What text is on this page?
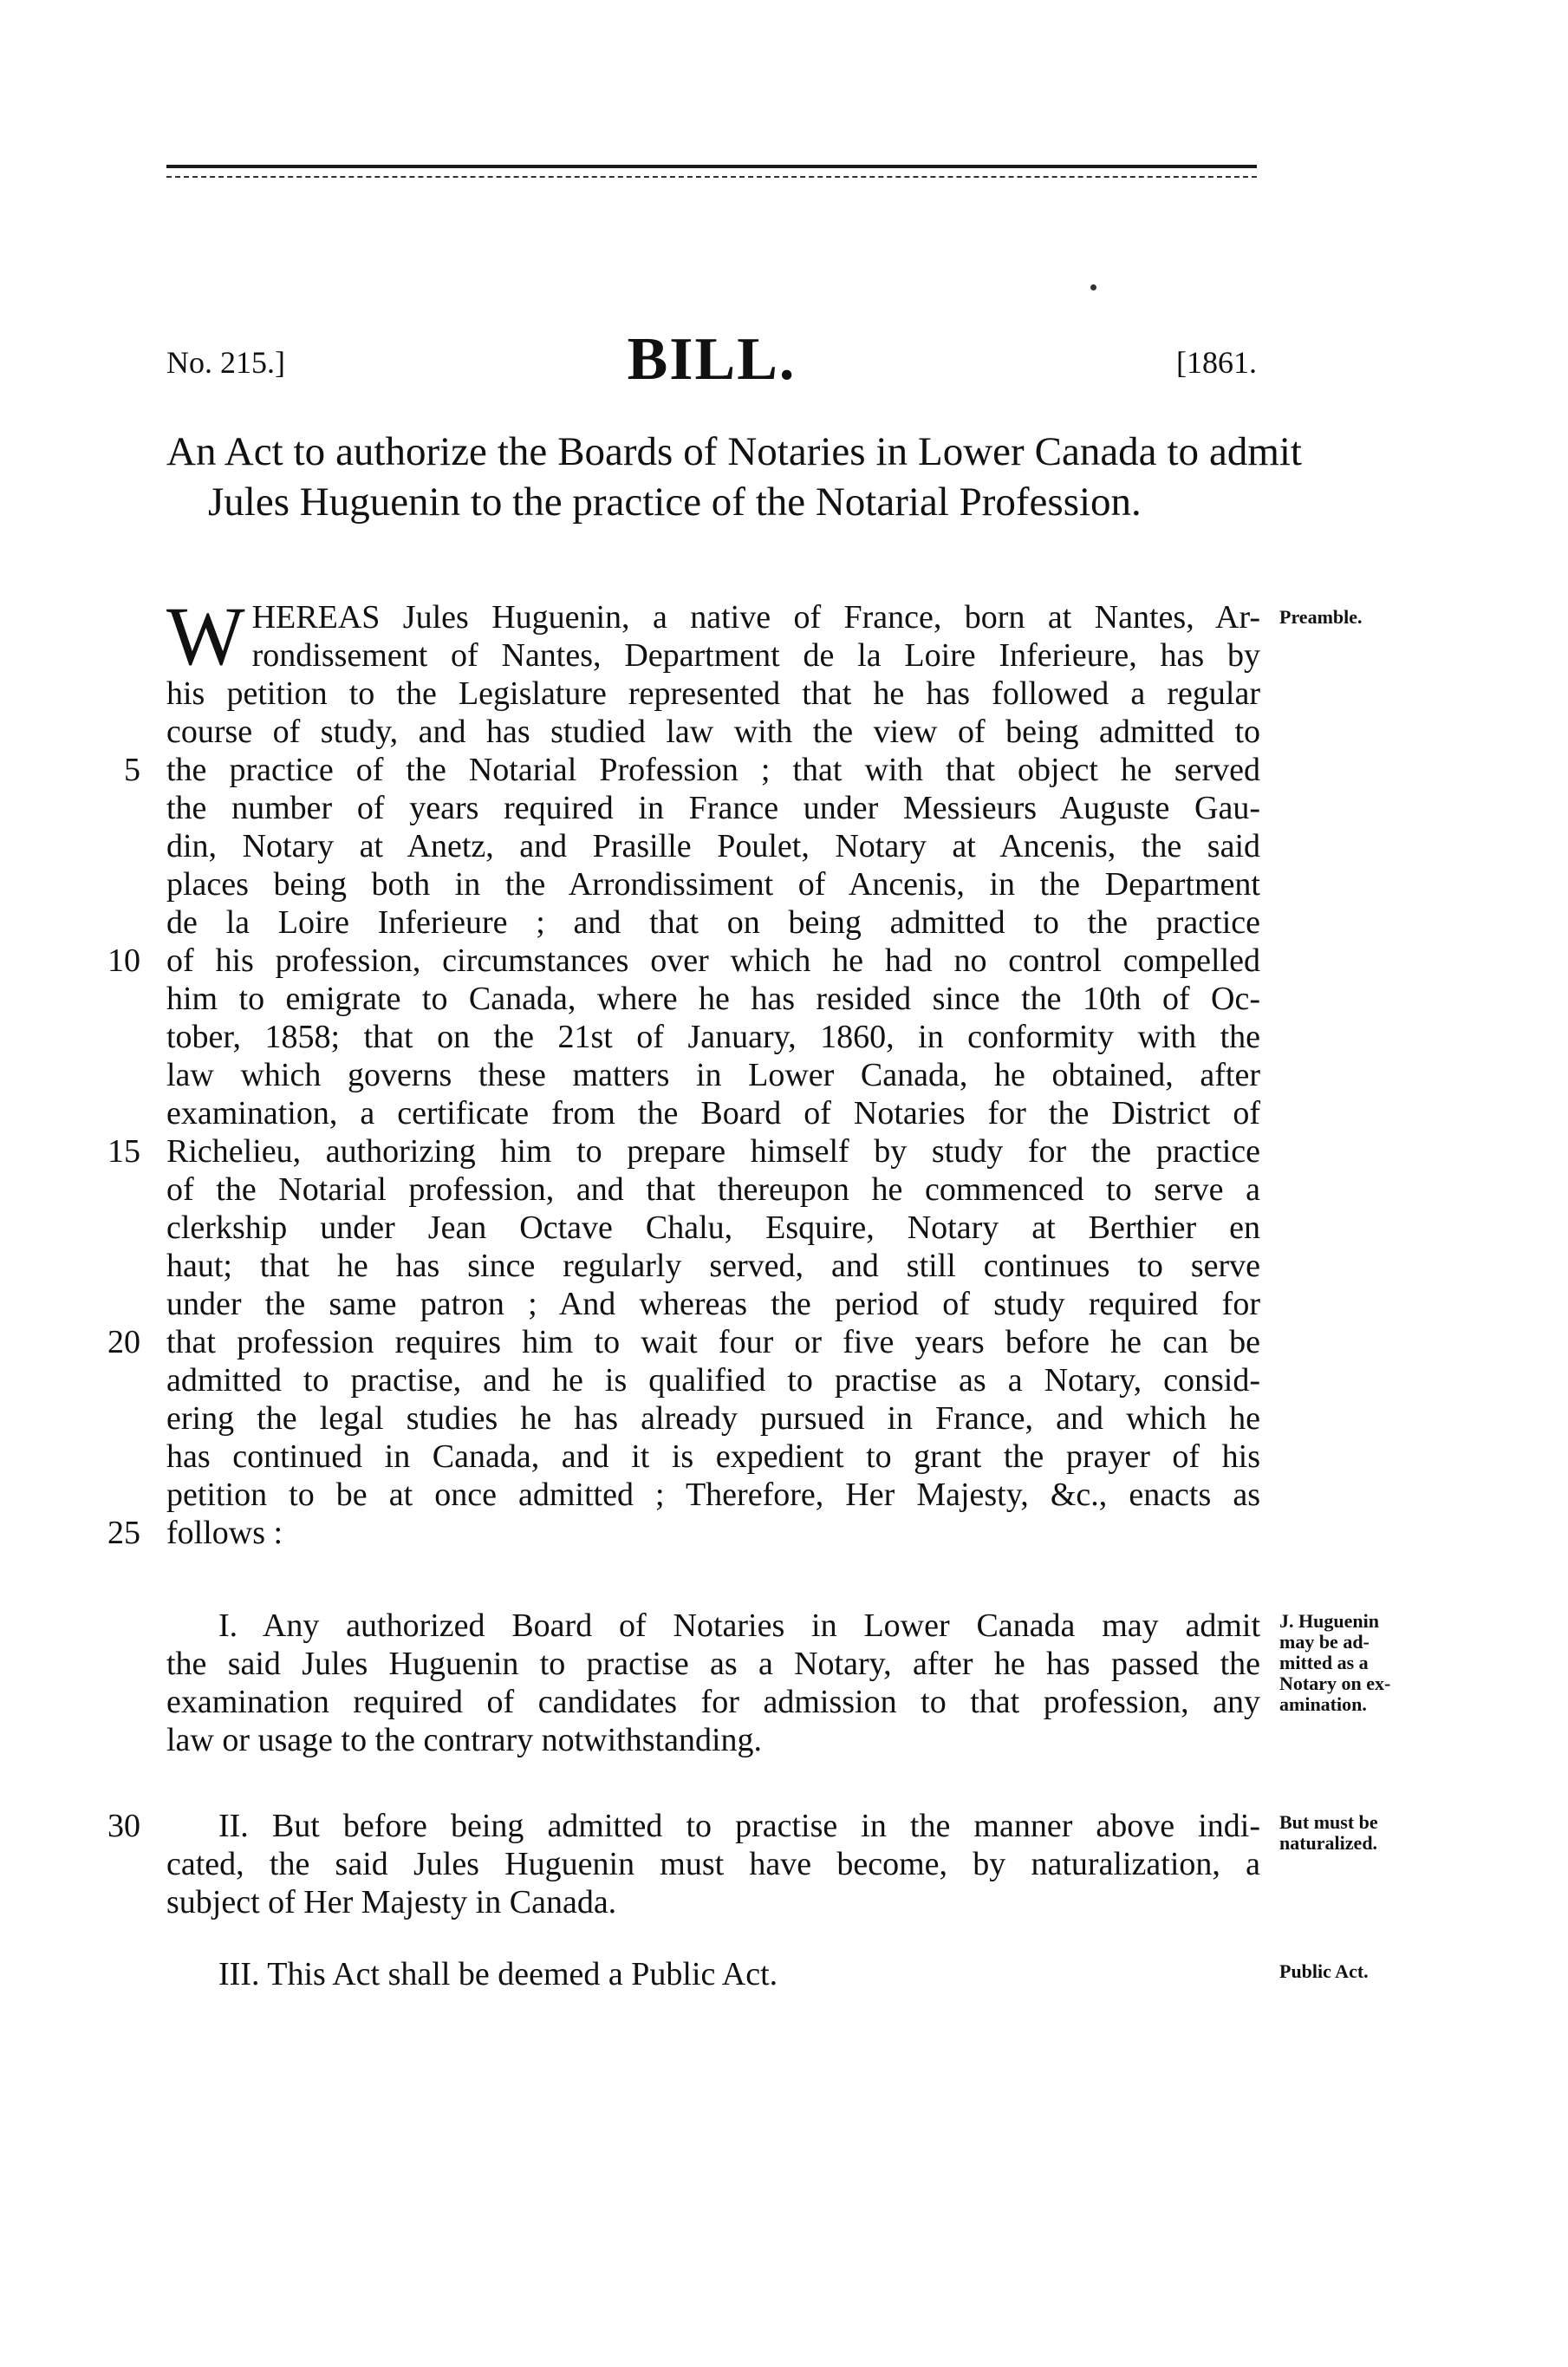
No. 215.]	BILL.	[1861.
An Act to authorize the Boards of Notaries in Lower Canada to admit Jules Huguenin to the practice of the Notarial Profession.
WHEREAS Jules Huguenin, a native of France, born at Nantes, Ar-
rondissement of Nantes, Department de la Loire Inferieure, has by
his petition to the Legislature represented that he has followed a regular
course of study, and has studied law with the view of being admitted to
the practice of the Notarial Profession ; that with that object he served
the number of years required in France under Messieurs Auguste Gau-
din, Notary at Anetz, and Prasille Poulet, Notary at Ancenis, the said
places being both in the Arrondissiment of Ancenis, in the Department
de la Loire Inferieure ; and that on being admitted to the practice
of his profession, circumstances over which he had no control compelled
him to emigrate to Canada, where he has resided since the 10th of Oc-
tober, 1858; that on the 21st of January, 1860, in conformity with the
law which governs these matters in Lower Canada, he obtained, after
examination, a certificate from the Board of Notaries for the District of
Richelieu, authorizing him to prepare himself by study for the practice
of the Notarial profession, and that thereupon he commenced to serve a
clerkship under Jean Octave Chalu, Esquire, Notary at Berthier en
haut; that he has since regularly served, and still continues to serve
under the same patron ; And whereas the period of study required for
that profession requires him to wait four or five years before he can be
admitted to practise, and he is qualified to practise as a Notary, consid-
ering the legal studies he has already pursued in France, and which he
has continued in Canada, and it is expedient to grant the prayer of his
petition to be at once admitted ; Therefore, Her Majesty, &c., enacts as
follows :
I. Any authorized Board of Notaries in Lower Canada may admit
the said Jules Huguenin to practise as a Notary, after he has passed the
examination required of candidates for admission to that profession, any
law or usage to the contrary notwithstanding.
II. But before being admitted to practise in the manner above indi-
cated, the said Jules Huguenin must have become, by naturalization, a
subject of Her Majesty in Canada.
III. This Act shall be deemed a Public Act.
5
10
15
20
25
30
Preamble.
J. Huguenin
may be ad-
mitted as a
Notary on ex-
amination.
But must be
naturalized.
Public Act.
